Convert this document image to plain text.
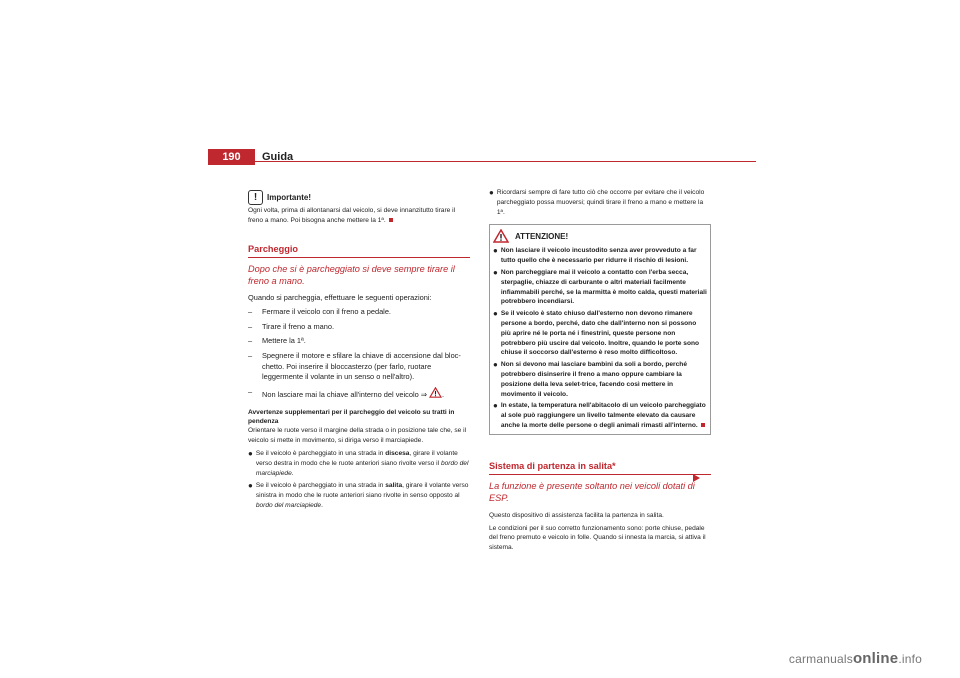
190	Guida
!	Importante!

Ogni volta, prima di allontanarsi dal veicolo, si deve innanzitutto tirare il freno a mano. Poi bisogna anche mettere la 1ª.

Parcheggio
Dopo che si è parcheggiato si deve sempre tirare il freno a mano.

Quando si parcheggia, effettuare le seguenti operazioni:

–	Fermare il veicolo con il freno a pedale.
–	Tirare il freno a mano.
–	Mettere la 1ª.
–	Spegnere il motore e sfilare la chiave di accensione dal bloc-chetto. Poi inserire il bloccasterzo (per farlo, ruotare leggermente il volante in un senso o nell'altro).
–	Non lasciare mai la chiave all'interno del veicolo ⇒ .

Avvertenze supplementari per il parcheggio del veicolo su tratti in pendenza

Orientare le ruote verso il margine della strada o in posizione tale che, se il veicolo si mette in movimento, si diriga verso il marciapiede.

● Se il veicolo è parcheggiato in una strada in discesa, girare il volante verso destra in modo che le ruote anteriori siano rivolte verso il bordo del marciapiede.
● Se il veicolo è parcheggiato in una strada in salita, girare il volante verso sinistra in modo che le ruote anteriori siano rivolte in senso opposto al bordo del marciapiede.
● Ricordarsi sempre di fare tutto ciò che occorre per evitare che il veicolo parcheggiato possa muoversi; quindi tirare il freno a mano e mettere la 1ª.
ATTENZIONE!
● Non lasciare il veicolo incustodito senza aver provveduto a far tutto quello che è necessario per ridurre il rischio di lesioni.
● Non parcheggiare mai il veicolo a contatto con l'erba secca, sterpaglie, chiazze di carburante o altri materiali facilmente infiammabili perché, se la marmitta è molto calda, questi materiali potrebbero incendiarsi.
● Se il veicolo è stato chiuso dall'esterno non devono rimanere persone a bordo, perché, dato che dall'interno non si possono più aprire né le porta né i finestrini, queste persone non potrebbero più uscire dal veicolo. Inoltre, quando le porte sono chiuse il soccorso dall'esterno è reso molto difficoltoso.
● Non si devono mai lasciare bambini da soli a bordo, perché potrebbero disinserire il freno a mano oppure cambiare la posizione della leva selet-trice, facendo così mettere in movimento il veicolo.
● In estate, la temperatura nell'abitacolo di un veicolo parcheggiato al sole può raggiungere un livello talmente elevato da causare anche la morte delle persone o degli animali rimasti all'interno.
Sistema di partenza in salita*
La funzione è presente soltanto nei veicoli dotati di ESP.

Questo dispositivo di assistenza facilita la partenza in salita.

Le condizioni per il suo corretto funzionamento sono: porte chiuse, pedale del freno premuto e veicolo in folle. Quando si innesta la marcia, si attiva il sistema.

carmanualsonline.info
